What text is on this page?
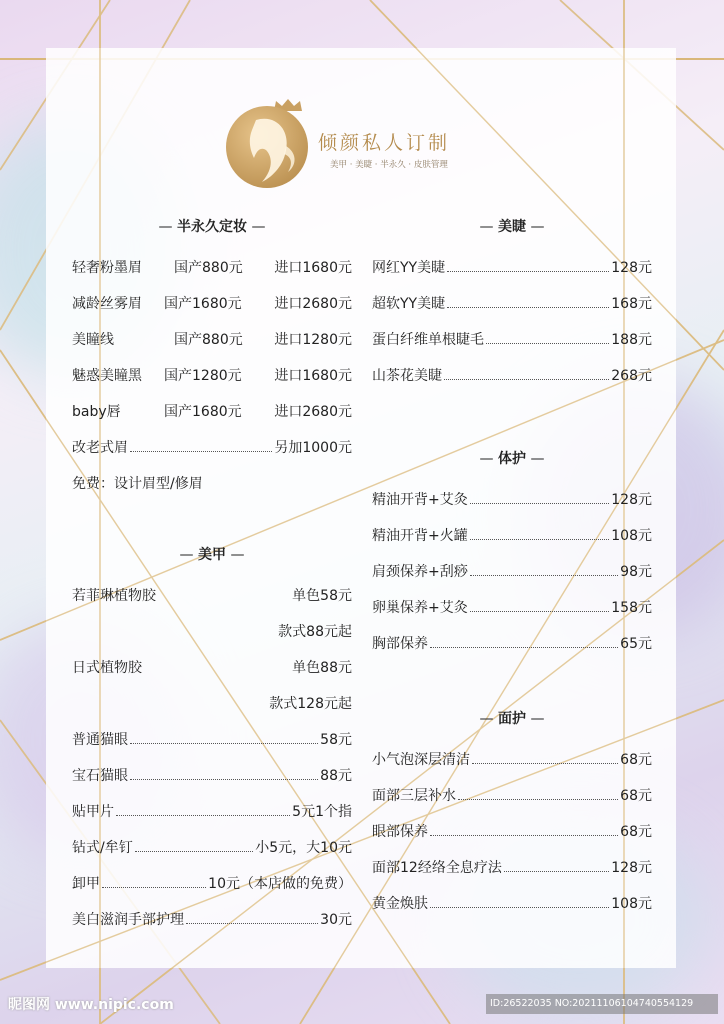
倾颜私人订制
美甲 · 美睫 · 半永久 · 皮肤管理
— 半永久定妆 —
轻奢粉墨眉	国产880元	进口1680元
减龄丝雾眉	国产1680元	进口2680元
美瞳线	国产880元	进口1280元
魅惑美瞳黑	国产1280元	进口1680元
baby唇	国产1680元	进口2680元
改老式眉	另加1000元
免费：设计眉型/修眉
— 美甲 —
若菲琳植物胶	单色58元
款式88元起
日式植物胶	单色88元
款式128元起
普通猫眼	58元
宝石猫眼	88元
贴甲片	5元1个指
钻式/牟钉	小5元，大10元
卸甲	10元（本店做的免费）
美白滋润手部护理	30元
— 美睫 —
网红YY美睫	128元
超软YY美睫	168元
蛋白纤维单根睫毛	188元
山茶花美睫	268元
— 体护 —
精油开背+艾灸	128元
精油开背+火罐	108元
肩颈保养+刮痧	98元
卵巢保养+艾灸	158元
胸部保养	65元
— 面护 —
小气泡深层清洁	68元
面部三层补水	68元
眼部保养	68元
面部12经络全息疗法	128元
黄金焕肤	108元
昵图网 www.nipic.com	ID:26522035 NO:20211106104740554129
